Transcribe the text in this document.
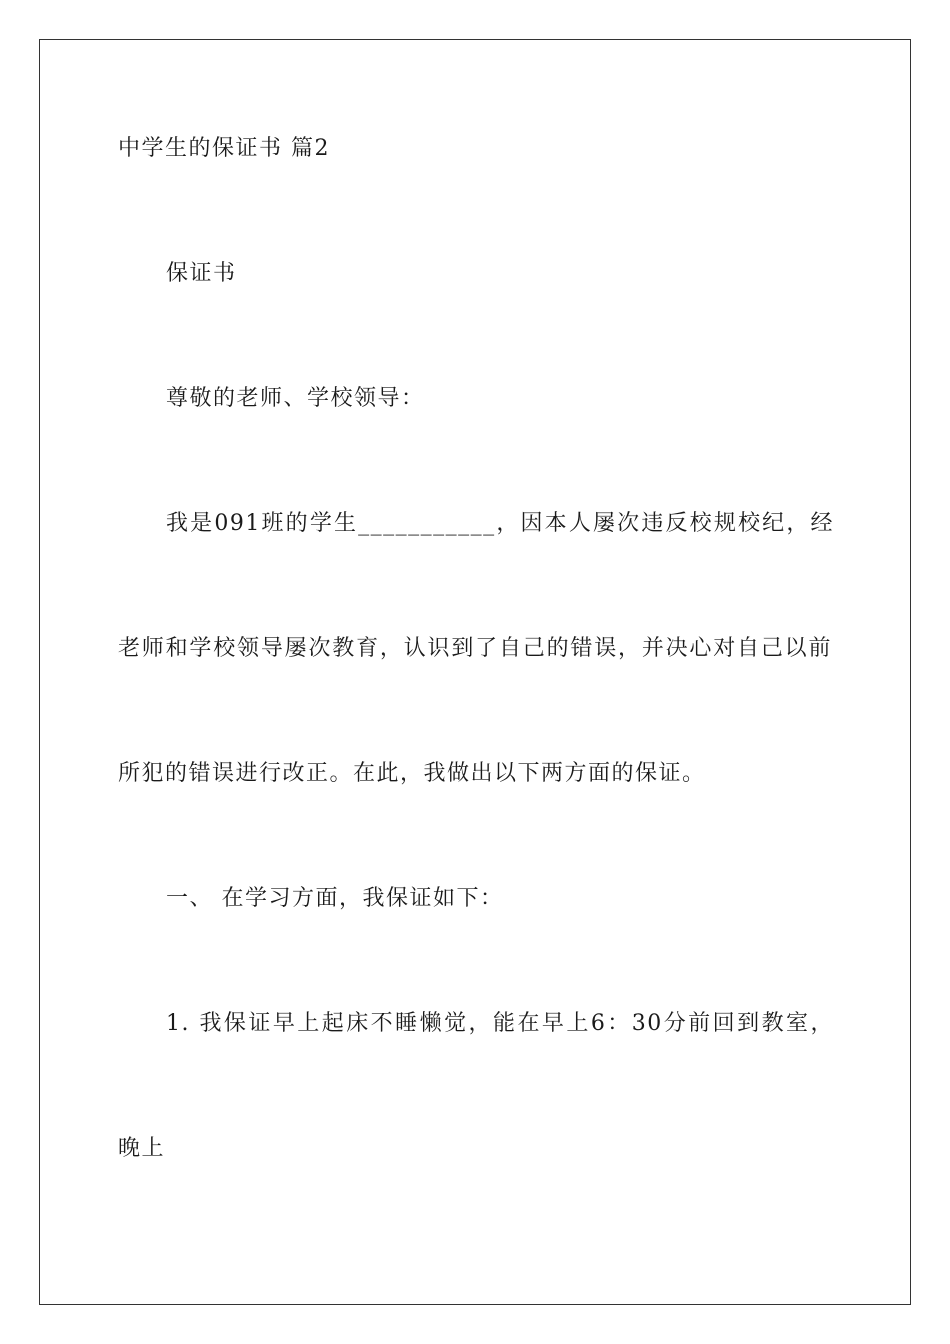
中学生的保证书 篇2
保证书
尊敬的老师、学校领导：
我是091班的学生___________，因本人屡次违反校规校纪，经
老师和学校领导屡次教育，认识到了自己的错误，并决心对自己以前
所犯的错误进行改正。在此，我做出以下两方面的保证。
一、 在学习方面，我保证如下：
1. 我保证早上起床不睡懒觉，能在早上6：30分前回到教室，
晚上
